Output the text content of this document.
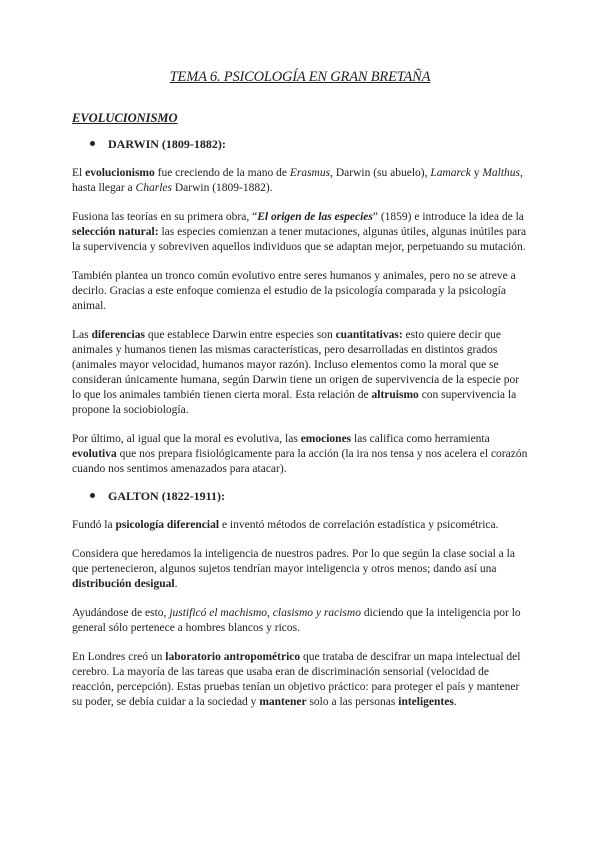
TEMA 6. PSICOLOGÍA EN GRAN BRETAÑA
EVOLUCIONISMO
DARWIN (1809-1882):

El evolucionismo fue creciendo de la mano de Erasmus, Darwin (su abuelo), Lamarck y Malthus, hasta llegar a Charles Darwin (1809-1882).

Fusiona las teorías en su primera obra, “El origen de las especies” (1859) e introduce la idea de la selección natural: las especies comienzan a tener mutaciones, algunas útiles, algunas inútiles para la supervivencia y sobreviven aquellos individuos que se adaptan mejor, perpetuando su mutación.

También plantea un tronco común evolutivo entre seres humanos y animales, pero no se atreve a decirlo. Gracias a este enfoque comienza el estudio de la psicología comparada y la psicología animal.

Las diferencias que establece Darwin entre especies son cuantitativas: esto quiere decir que animales y humanos tienen las mismas características, pero desarrolladas en distintos grados (animales mayor velocidad, humanos mayor razón). Incluso elementos como la moral que se consideran únicamente humana, según Darwin tiene un origen de supervivencia de la especie por lo que los animales también tienen cierta moral. Esta relación de altruismo con supervivencia la propone la sociobiología.

Por último, al igual que la moral es evolutiva, las emociones las califica como herramienta evolutiva que nos prepara fisiológicamente para la acción (la ira nos tensa y nos acelera el corazón cuando nos sentimos amenazados para atacar).

GALTON (1822-1911):

Fundó la psicología diferencial e inventó métodos de correlación estadística y psicométrica.

Considera que heredamos la inteligencia de nuestros padres. Por lo que según la clase social a la que pertenecieron, algunos sujetos tendrían mayor inteligencia y otros menos; dando así una distribución desigual.

Ayudándose de esto, justificó el machismo, clasismo y racismo diciendo que la inteligencia por lo general sólo pertenece a hombres blancos y ricos.

En Londres creó un laboratorio antropométrico que trataba de descifrar un mapa intelectual del cerebro. La mayoría de las tareas que usaba eran de discriminación sensorial (velocidad de reacción, percepción). Estas pruebas tenían un objetivo práctico: para proteger el país y mantener su poder, se debía cuidar a la sociedad y mantener solo a las personas inteligentes.
